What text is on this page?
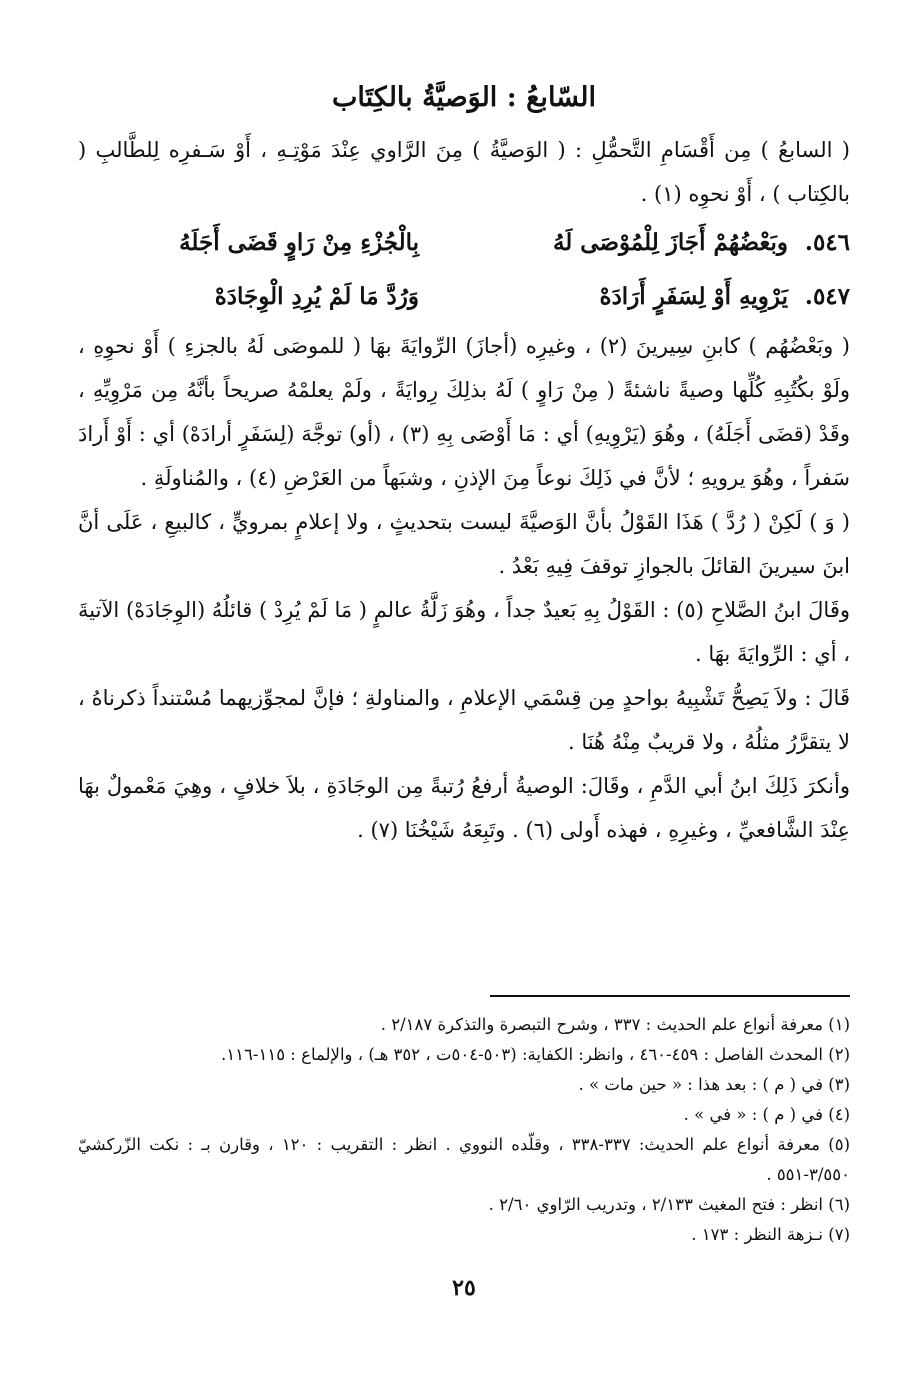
السّابعُ : الوَصيَّةُ بالكِتَاب

( السابعُ ) مِن أَقْسَامِ التَّحمُّلِ : ( الوَصيَّةُ ) مِنَ الرَّاوي عِنْدَ مَوْتِـهِ ، أَوْ سَـفرِه لِلطَّالبِ ( بالكِتاب ) ، أَوْ نحوِه (١) .

٥٤٦.
وبَعْضُهُمْ أَجَازَ لِلْمُوْصَى لَهُ
بِالْجُزْءِ مِنْ رَاوٍ قَضَى أَجَلَهُ
٥٤٧.
يَرْوِيهِ أَوْ لِسَفَرٍ أَرَادَهْ
وَرُدَّ مَا لَمْ يُرِدِ الْوِجَادَهْ

( وبَعْضُهُم ) كابنِ سِيرينَ (٢) ، وغيرِه (أجازَ) الرِّوايَةَ بهَا ( للموصَى لَهُ بالجزءِ ) أَوْ نحوِهِ ، ولَوْ بكُتُبِهِ كُلِّها وصيةً ناشئةً ( مِنْ رَاوٍ ) لَهُ بذلِكَ رِوايَةً ، ولَمْ يعلمْهُ صريحاً بأنَّهُ مِن مَرْوِيِّهِ ، وقَدْ (قضَى أَجَلَهُ) ، وهُوَ (يَرْوِيهِ) أي : مَا أَوْصَى بِهِ (٣) ، (أو) توجَّهَ (لِسَفَرٍ أرادَهْ) أي : أَوْ أَرادَ سَفراً ، وهُوَ يرويهِ ؛ لأنَّ في ذَلِكَ نوعاً مِنَ الإذنِ ، وشبَهاً من العَرْضِ (٤) ، والمُناولَةِ .

( وَ ) لَكِنْ ( رُدَّ ) هَذَا القَوْلُ بأنَّ الوَصيَّةَ ليست بتحديثٍ ، ولا إعلامٍ بمرويٍّ ، كالبيعِ ، عَلَى أنَّ ابنَ سيرينَ القائلَ بالجوازِ توقفَ فِيهِ بَعْدُ .

وقَالَ ابنُ الصَّلاحِ (٥) : القَوْلُ بِهِ بَعيدٌ جداً ، وهُوَ زَلَّةُ عالمٍ ( مَا لَمْ يُرِدْ ) قائلُهُ (الوِجَادَهْ) الآتيةَ ، أي : الرِّوايَةَ بهَا .

قَالَ : ولاَ يَصِحُّ تَشْبِيهُ بواحدٍ مِن قِسْمَي الإعلامِ ، والمناولةِ ؛ فإنَّ لمجوِّزيهما مُسْتنداً ذكرناهُ ، لا يتقرَّرُ مثلُهُ ، ولا قريبٌ مِنْهُ هُنَا .

وأنكرَ ذَلِكَ ابنُ أبي الدَّمِ ، وقَالَ: الوصيةُ أرفعُ رُتبةً مِن الوجَادَةِ ، بلاَ خلافٍ ، وهِيَ مَعْمولٌ بهَا عِنْدَ الشَّافعيِّ ، وغيرِهِ ، فهذه أَولى (٦) . وتَبِعَهُ شَيْخُنَا (٧) .

(١) معرفة أنواع علم الحديث : ٣٣٧ ، وشرح التبصرة والتذكرة ٢/١٨٧ .

(٢) المحدث الفاصل : ٤٥٩-٤٦٠ ، وانظر: الكفاية: (٥٠٣-٥٠٤ت ، ٣٥٢ هـ) ، والإلماع : ١١٥-١١٦.

(٣) في ( م ) : بعد هذا : « حين مات » .

(٤) في ( م ) : « في » .

(٥) معرفة أنواع علم الحديث: ٣٣٧-٣٣٨ ، وقلّده النووي . انظر : التقريب : ١٢٠ ، وقارن بـ : نكت الزّركشيّ ٣/٥٥٠-٥٥١ .

(٦) انظر : فتح المغيث ٢/١٣٣ ، وتدريب الرّاوي ٢/٦٠ .

(٧) نـزهة النظر : ١٧٣ .

٢٥
